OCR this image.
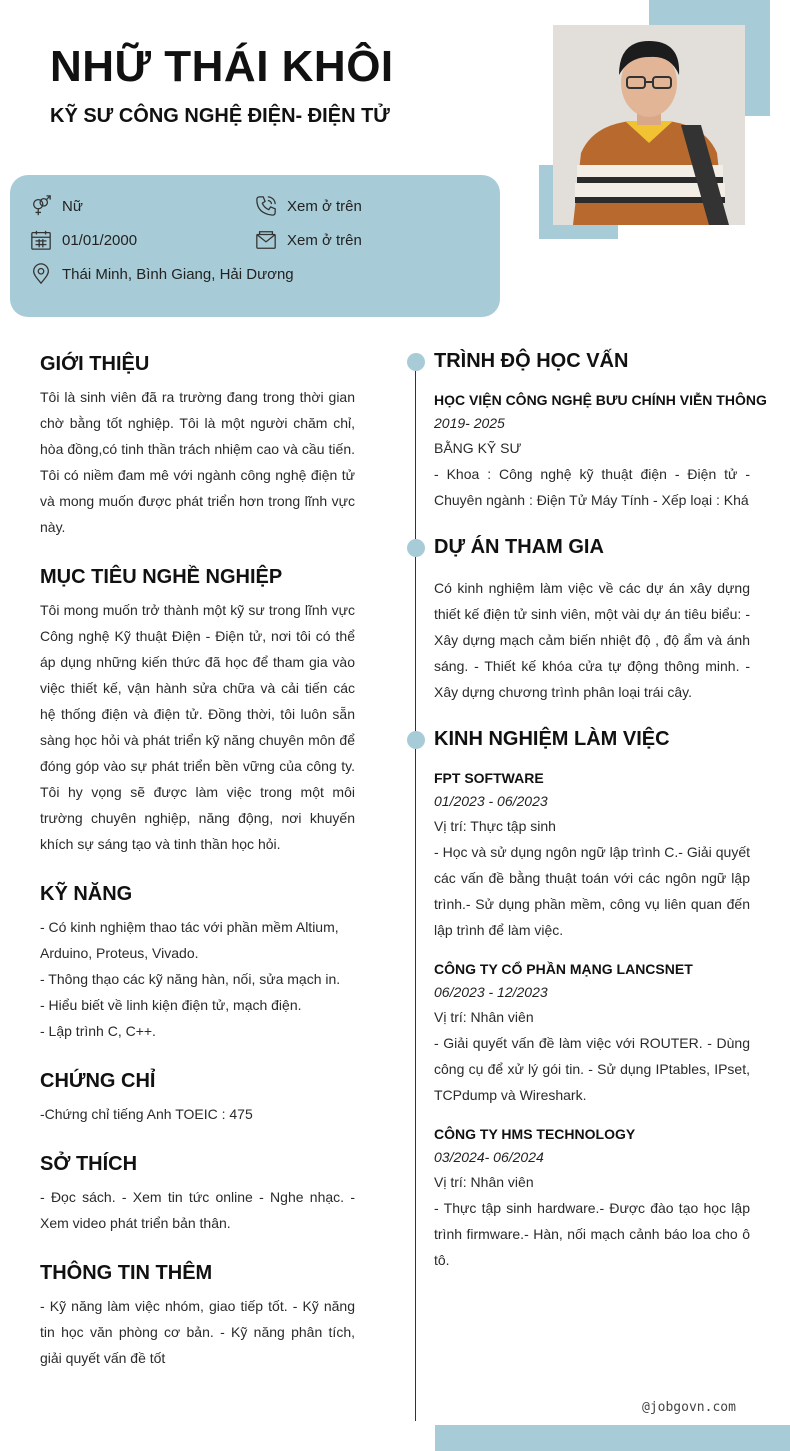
NHỮ THÁI KHÔI
KỸ SƯ CÔNG NGHỆ ĐIỆN- ĐIỆN TỬ
Nữ
01/01/2000
Thái Minh, Bình Giang, Hải Dương
Xem ở trên
Xem ở trên
GIỚI THIỆU
Tôi là sinh viên đã ra trường đang trong thời gian chờ bằng tốt nghiệp. Tôi là một người chăm chỉ, hòa đồng,có tinh thần trách nhiệm cao và cầu tiến. Tôi có niềm đam mê với ngành công nghệ điện tử và mong muốn được phát triển hơn trong lĩnh vực này.
MỤC TIÊU NGHỀ NGHIỆP
Tôi mong muốn trở thành một kỹ sư trong lĩnh vực Công nghệ Kỹ thuật Điện - Điện tử, nơi tôi có thể áp dụng những kiến thức đã học để tham gia vào việc thiết kế, vận hành sửa chữa và cải tiến các hệ thống điện và điện tử. Đồng thời, tôi luôn sẵn sàng học hỏi và phát triển kỹ năng chuyên môn để đóng góp vào sự phát triển bền vững của công ty. Tôi hy vọng sẽ được làm việc trong một môi trường chuyên nghiệp, năng động, nơi khuyến khích sự sáng tạo và tinh thần học hỏi.
KỸ NĂNG
- Có kinh nghiệm thao tác với phần mềm Altium, Arduino, Proteus, Vivado.
- Thông thạo các kỹ năng hàn, nối, sửa mạch in.
- Hiểu biết về linh kiện điện tử, mạch điện.
- Lập trình C, C++.
CHỨNG CHỈ
-Chứng chỉ tiếng Anh TOEIC : 475
SỞ THÍCH
- Đọc sách. - Xem tin tức online - Nghe nhạc. - Xem video phát triển bản thân.
THÔNG TIN THÊM
- Kỹ năng làm việc nhóm, giao tiếp tốt. - Kỹ năng tin học văn phòng cơ bản. - Kỹ năng phân tích, giải quyết vấn đề tốt
TRÌNH ĐỘ HỌC VẤN
HỌC VIỆN CÔNG NGHỆ BƯU CHÍNH VIỄN THÔNG
2019- 2025
BẰNG KỸ SƯ
- Khoa : Công nghệ kỹ thuật điện - Điện tử - Chuyên ngành : Điện Tử Máy Tính - Xếp loại : Khá
DỰ ÁN THAM GIA
Có kinh nghiệm làm việc về các dự án xây dựng thiết kế điện tử sinh viên, một vài dự án tiêu biểu: - Xây dựng mạch cảm biến nhiệt độ , độ ẩm và ánh sáng. - Thiết kế khóa cửa tự động thông minh. - Xây dựng chương trình phân loại trái cây.
KINH NGHIỆM LÀM VIỆC
FPT SOFTWARE
01/2023 - 06/2023
Vị trí: Thực tập sinh
- Học và sử dụng ngôn ngữ lập trình C.- Giải quyết các vấn đề bằng thuật toán với các ngôn ngữ lập trình.- Sử dụng phần mềm, công vụ liên quan đến lập trình để làm việc.
CÔNG TY CỔ PHẦN MẠNG LANCSNET
06/2023 - 12/2023
Vị trí: Nhân viên
- Giải quyết vấn đề làm việc với ROUTER. - Dùng công cụ để xử lý gói tin. - Sử dụng IPtables, IPset, TCPdump và Wireshark.
CÔNG TY HMS TECHNOLOGY
03/2024- 06/2024
Vị trí: Nhân viên
- Thực tập sinh hardware.- Được đào tạo học lập trình firmware.- Hàn, nối mạch cảnh báo loa cho ô tô.
@jobgovn.com
